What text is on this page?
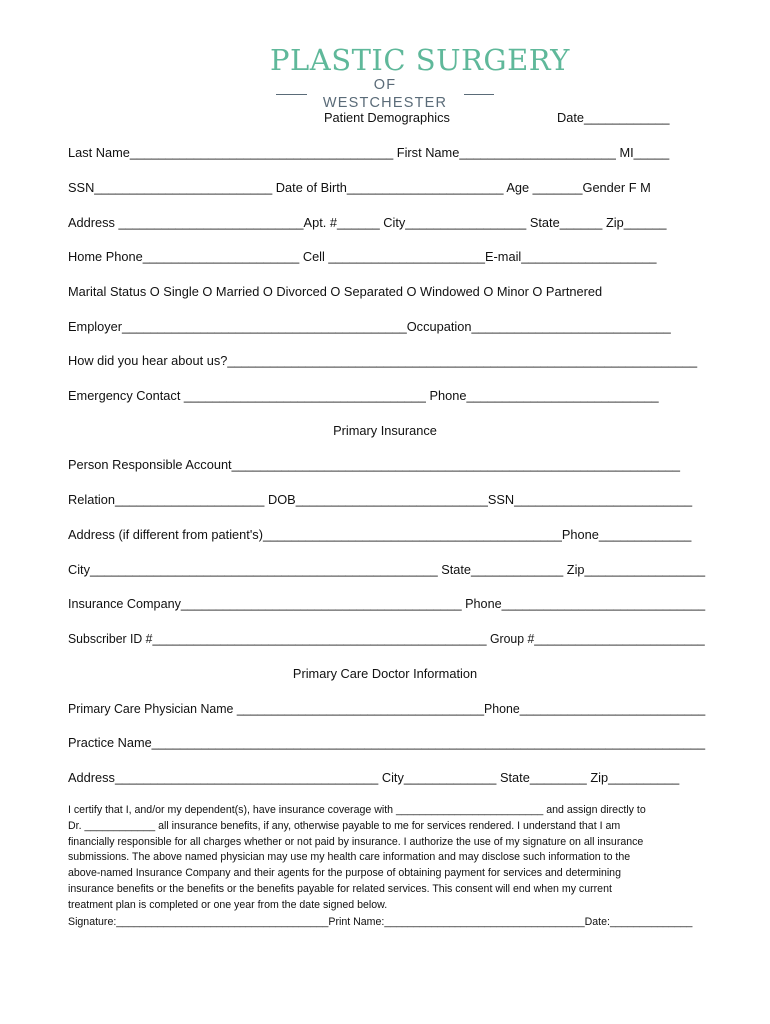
PLASTIC SURGERY
OF WESTCHESTER
Patient Demographics	Date____________
Last Name_____________________________________ First Name______________________ MI_____
SSN_________________________ Date of Birth______________________ Age _______Gender F M
Address __________________________Apt. #______ City_________________ State______ Zip______
Home Phone______________________ Cell ______________________E-mail___________________
Marital Status O Single O Married O Divorced O Separated O Windowed O Minor O Partnered
Employer________________________________________Occupation____________________________
How did you hear about us?__________________________________________________________________
Emergency Contact __________________________________ Phone___________________________
Primary Insurance
Person Responsible Account_______________________________________________________________
Relation_____________________ DOB___________________________SSN_________________________
Address (if different from patient's)__________________________________________Phone_____________
City_________________________________________________ State_____________ Zip_________________
Insurance Company________________________________________ Phone_____________________________
Subscriber ID #_________________________________________________ Group #_________________________
Primary Care Doctor Information
Primary Care Physician Name ____________________________________Phone___________________________
Practice Name______________________________________________________________________________
Address_____________________________________ City_____________ State________ Zip__________
I certify that I, and/or my dependent(s), have insurance coverage with _________________________ and assign directly to
Dr. ____________ all insurance benefits, if any, otherwise payable to me for services rendered. I understand that I am
financially responsible for all charges whether or not paid by insurance. I authorize the use of my signature on all insurance
submissions. The above named physician may use my health care information and may disclose such information to the
above-named Insurance Company and their agents for the purpose of obtaining payment for services and determining
insurance benefits or the benefits or the benefits payable for related services. This consent will end when my current
treatment plan is completed or one year from the date signed below.
Signature:____________________________________Print Name:__________________________________Date:______________
